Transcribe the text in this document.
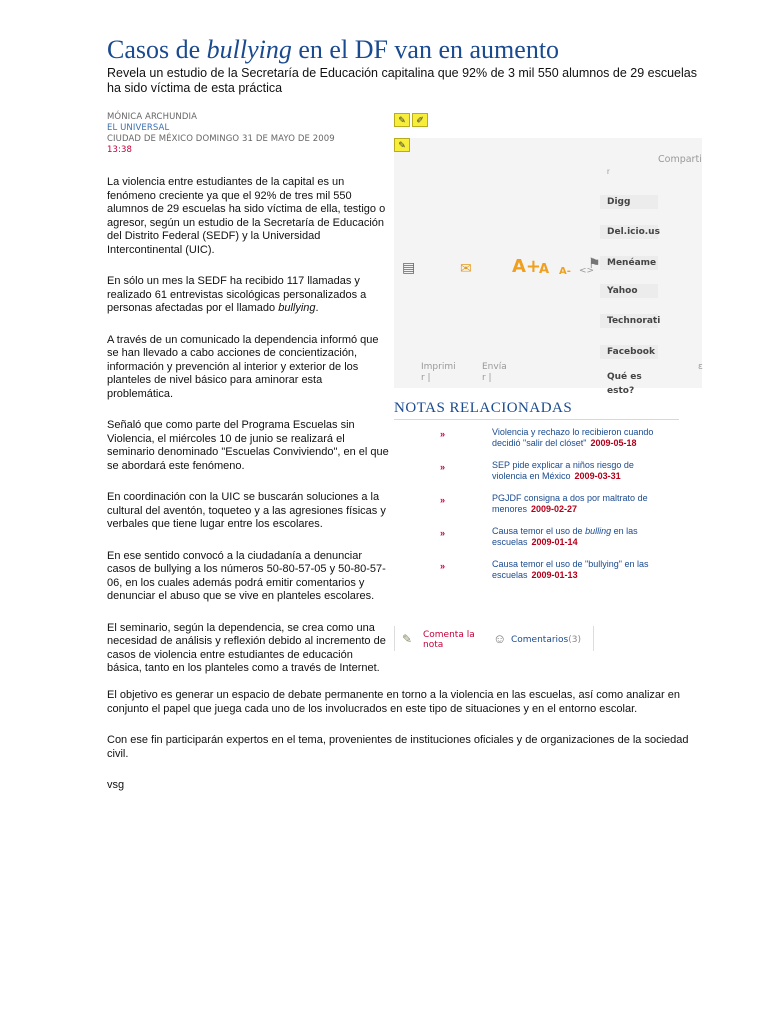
Casos de bullying en el DF van en aumento

Revela un estudio de la Secretaría de Educación capitalina que 92% de 3 mil 550 alumnos de 29 escuelas ha sido víctima de esta práctica

MÓNICA ARCHUNDIA
EL UNIVERSAL
CIUDAD DE MÉXICO DOMINGO 31 DE MAYO DE 2009
13:38
✎	✐
✎
Comparti
r
Digg
Del.icio.us
Menéame
Yahoo
Technorati
Facebook
Qué es esto?
▤	✉ A+
A A- <>
⚑
ε
Imprimi
r |
Envía
r |
NOTAS RELACIONADAS
»	Violencia y rechazo lo recibieron cuando decidió "salir del clóset" 2009-05-18
»	SEP pide explicar a niños riesgo de violencia en México 2009-03-31
»	PGJDF consigna a dos por maltrato de menores 2009-02-27
»	Causa temor el uso de bulling en las escuelas 2009-01-14
»	Causa temor el uso de "bullying" en las escuelas 2009-01-13
✎ Comenta la
nota	☺ Comentarios(3)

La violencia entre estudiantes de la capital es un fenómeno creciente ya que el 92% de tres mil 550 alumnos de 29 escuelas ha sido víctima de ella, testigo o agresor, según un estudio de la Secretaría de Educación del Distrito Federal (SEDF) y la Universidad Intercontinental (UIC).

En sólo un mes la SEDF ha recibido 117 llamadas y realizado 61 entrevistas sicológicas personalizados a personas afectadas por el llamado bullying.

A través de un comunicado la dependencia informó que se han llevado a cabo acciones de concientización, información y prevención al interior y exterior de los planteles de nivel básico para aminorar esta problemática.

Señaló que como parte del Programa Escuelas sin Violencia, el miércoles 10 de junio se realizará el seminario denominado "Escuelas Conviviendo", en el que se abordará este fenómeno.

En coordinación con la UIC se buscarán soluciones a la cultural del aventón, toqueteo y a las agresiones físicas y verbales que tiene lugar entre los escolares.

En ese sentido convocó a la ciudadanía a denunciar casos de bullying a los números 50-80-57-05 y 50-80-57-06, en los cuales además podrá emitir comentarios y denunciar el abuso que se vive en planteles escolares.

El seminario, según la dependencia, se crea como una necesidad de análisis y reflexión debido al incremento de casos de violencia entre estudiantes de educación básica, tanto en los planteles como a través de Internet.

El objetivo es generar un espacio de debate permanente en torno a la violencia en las escuelas, así como analizar en conjunto el papel que juega cada uno de los involucrados en este tipo de situaciones y en el entorno escolar.

Con ese fin participarán expertos en el tema, provenientes de instituciones oficiales y de organizaciones de la sociedad civil.

vsg
